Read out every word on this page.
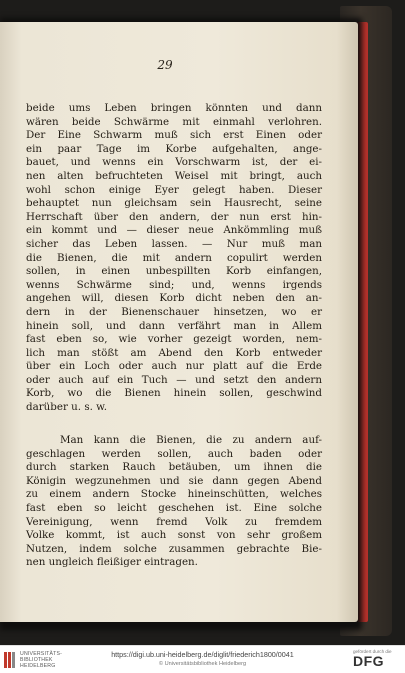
29
beide ums Leben bringen könnten und dann
wären beide Schwärme mit einmahl verlohren.
Der Eine Schwarm muß sich erst Einen oder
ein paar Tage im Korbe aufgehalten, ange-
bauet, und wenns ein Vorschwarm ist, der ei-
nen alten befruchteten Weisel mit bringt, auch
wohl schon einige Eyer gelegt haben. Dieser
behauptet nun gleichsam sein Hausrecht, seine
Herrschaft über den andern, der nun erst hin-
ein kommt und — dieser neue Ankömmling muß
sicher das Leben lassen. — Nur muß man
die Bienen, die mit andern copulirt werden
sollen, in einen unbespillten Korb einfangen,
wenns Schwärme sind; und, wenns irgends
angehen will, diesen Korb dicht neben den an-
dern in der Bienenschauer hinsetzen, wo er
hinein soll, und dann verfährt man in Allem
fast eben so, wie vorher gezeigt worden, nem-
lich man stößt am Abend den Korb entweder
über ein Loch oder auch nur platt auf die Erde
oder auch auf ein Tuch — und setzt den andern
Korb, wo die Bienen hinein sollen, geschwind
darüber u. s. w.
Man kann die Bienen, die zu andern auf-
geschlagen werden sollen, auch baden oder
durch starken Rauch betäuben, um ihnen die
Königin wegzunehmen und sie dann gegen Abend
zu einem andern Stocke hineinschütten, welches
fast eben so leicht geschehen ist. Eine solche
Vereinigung, wenn fremd Volk zu fremdem
Volke kommt, ist auch sonst von sehr großem
Nutzen, indem solche zusammen gebrachte Bie-
nen ungleich fleißiger eintragen.
UNIVERSITÄTS-
BIBLIOTHEK
HEIDELBERG
https://digi.ub.uni-heidelberg.de/diglit/friederich1800/0041
© Universitätsbibliothek Heidelberg
gefördert durch die
DFG
